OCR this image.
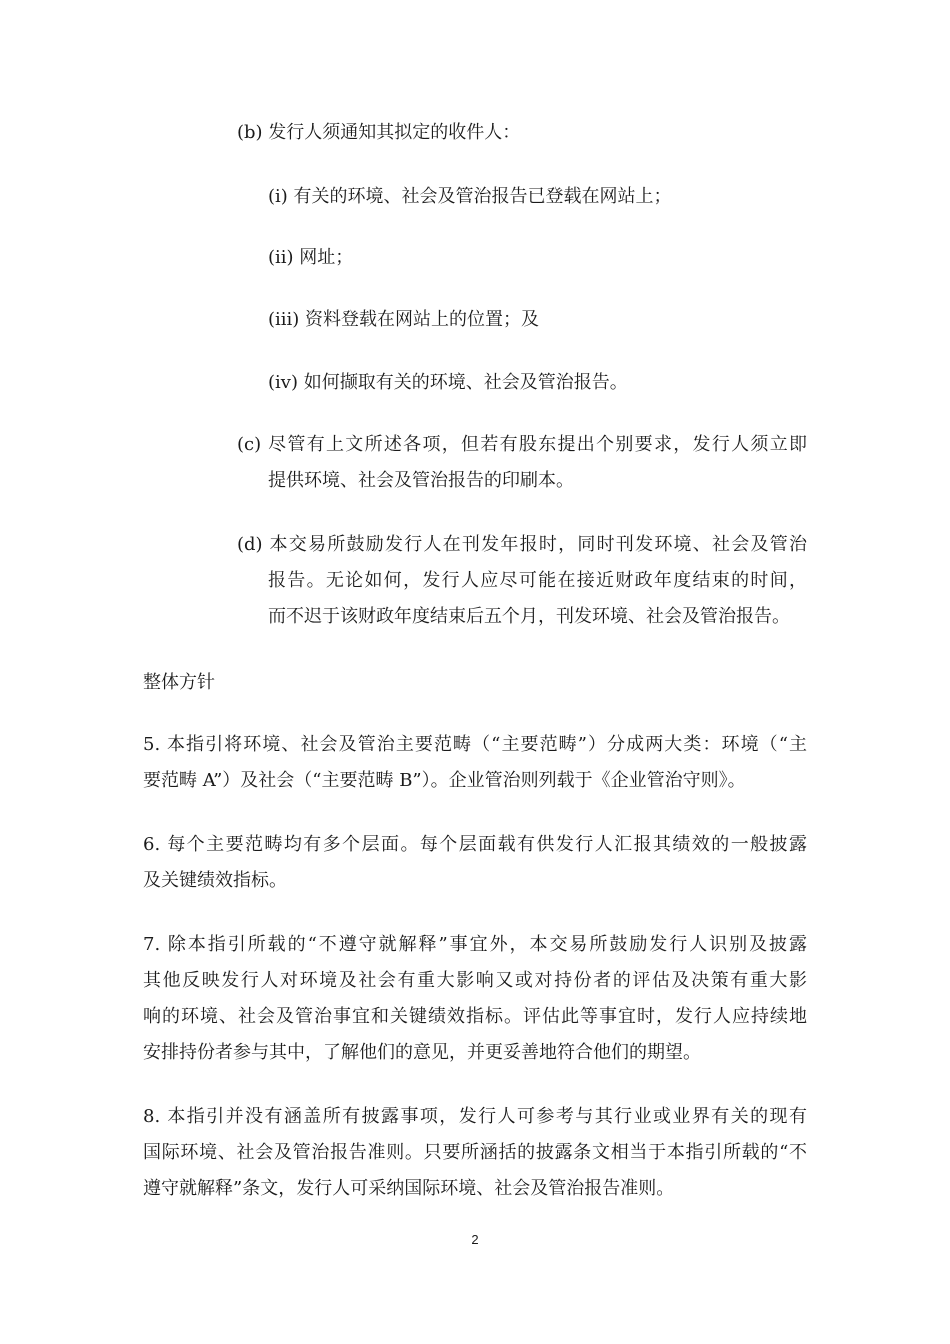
(b) 发行人须通知其拟定的收件人：
(i) 有关的环境、社会及管治报告已登载在网站上；
(ii) 网址；
(iii) 资料登载在网站上的位置；及
(iv) 如何撷取有关的环境、社会及管治报告。
(c) 尽管有上文所述各项，但若有股东提出个别要求，发行人须立即
提供环境、社会及管治报告的印刷本。
(d) 本交易所鼓励发行人在刊发年报时，同时刊发环境、社会及管治
报告。无论如何，发行人应尽可能在接近财政年度结束的时间，
而不迟于该财政年度结束后五个月，刊发环境、社会及管治报告。
整体方针
5. 本指引将环境、社会及管治主要范畴（“主要范畴”）分成两大类：环境（“主
要范畴 A”）及社会（“主要范畴 B”）。企业管治则列载于《企业管治守则》。
6. 每个主要范畴均有多个层面。每个层面载有供发行人汇报其绩效的一般披露
及关键绩效指标。
7. 除本指引所载的“不遵守就解释”事宜外，本交易所鼓励发行人识别及披露
其他反映发行人对环境及社会有重大影响又或对持份者的评估及决策有重大影
响的环境、社会及管治事宜和关键绩效指标。评估此等事宜时，发行人应持续地
安排持份者参与其中，了解他们的意见，并更妥善地符合他们的期望。
8. 本指引并没有涵盖所有披露事项，发行人可参考与其行业或业界有关的现有
国际环境、社会及管治报告准则。只要所涵括的披露条文相当于本指引所载的“不
遵守就解释”条文，发行人可采纳国际环境、社会及管治报告准则。
2
